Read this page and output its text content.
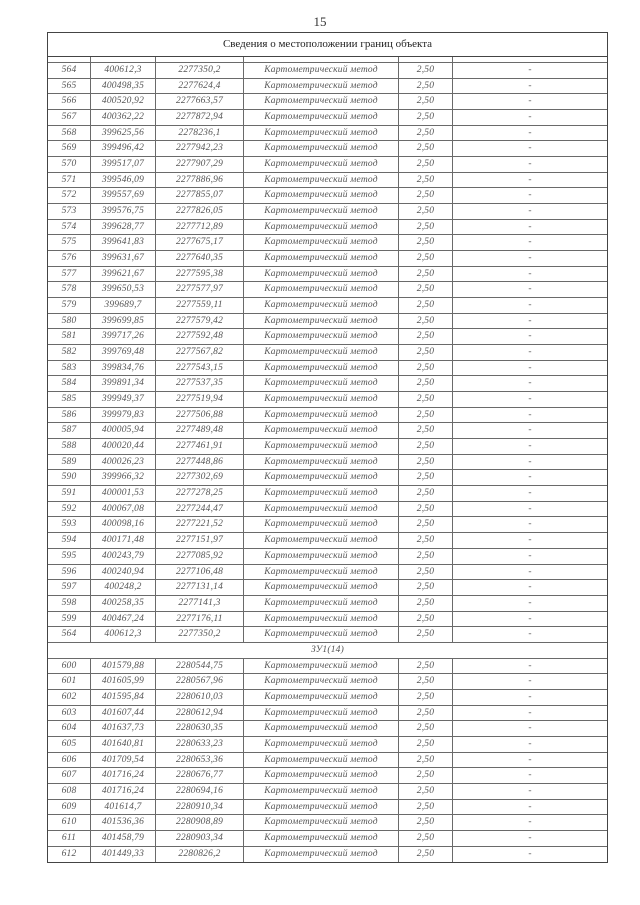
15
Сведения о местоположении границ объекта
564	400612,3	2277350,2	Картометрический метод	2,50	-
565	400498,35	2277624,4	Картометрический метод	2,50	-
566	400520,92	2277663,57	Картометрический метод	2,50	-
567	400362,22	2277872,94	Картометрический метод	2,50	-
568	399625,56	2278236,1	Картометрический метод	2,50	-
569	399496,42	2277942,23	Картометрический метод	2,50	-
570	399517,07	2277907,29	Картометрический метод	2,50	-
571	399546,09	2277886,96	Картометрический метод	2,50	-
572	399557,69	2277855,07	Картометрический метод	2,50	-
573	399576,75	2277826,05	Картометрический метод	2,50	-
574	399628,77	2277712,89	Картометрический метод	2,50	-
575	399641,83	2277675,17	Картометрический метод	2,50	-
576	399631,67	2277640,35	Картометрический метод	2,50	-
577	399621,67	2277595,38	Картометрический метод	2,50	-
578	399650,53	2277577,97	Картометрический метод	2,50	-
579	399689,7	2277559,11	Картометрический метод	2,50	-
580	399699,85	2277579,42	Картометрический метод	2,50	-
581	399717,26	2277592,48	Картометрический метод	2,50	-
582	399769,48	2277567,82	Картометрический метод	2,50	-
583	399834,76	2277543,15	Картометрический метод	2,50	-
584	399891,34	2277537,35	Картометрический метод	2,50	-
585	399949,37	2277519,94	Картометрический метод	2,50	-
586	399979,83	2277506,88	Картометрический метод	2,50	-
587	400005,94	2277489,48	Картометрический метод	2,50	-
588	400020,44	2277461,91	Картометрический метод	2,50	-
589	400026,23	2277448,86	Картометрический метод	2,50	-
590	399966,32	2277302,69	Картометрический метод	2,50	-
591	400001,53	2277278,25	Картометрический метод	2,50	-
592	400067,08	2277244,47	Картометрический метод	2,50	-
593	400098,16	2277221,52	Картометрический метод	2,50	-
594	400171,48	2277151,97	Картометрический метод	2,50	-
595	400243,79	2277085,92	Картометрический метод	2,50	-
596	400240,94	2277106,48	Картометрический метод	2,50	-
597	400248,2	2277131,14	Картометрический метод	2,50	-
598	400258,35	2277141,3	Картометрический метод	2,50	-
599	400467,24	2277176,11	Картометрический метод	2,50	-
564	400612,3	2277350,2	Картометрический метод	2,50	-
ЗУ1(14)
600	401579,88	2280544,75	Картометрический метод	2,50	-
601	401605,99	2280567,96	Картометрический метод	2,50	-
602	401595,84	2280610,03	Картометрический метод	2,50	-
603	401607,44	2280612,94	Картометрический метод	2,50	-
604	401637,73	2280630,35	Картометрический метод	2,50	-
605	401640,81	2280633,23	Картометрический метод	2,50	-
606	401709,54	2280653,36	Картометрический метод	2,50	-
607	401716,24	2280676,77	Картометрический метод	2,50	-
608	401716,24	2280694,16	Картометрический метод	2,50	-
609	401614,7	2280910,34	Картометрический метод	2,50	-
610	401536,36	2280908,89	Картометрический метод	2,50	-
611	401458,79	2280903,34	Картометрический метод	2,50	-
612	401449,33	2280826,2	Картометрический метод	2,50	-
